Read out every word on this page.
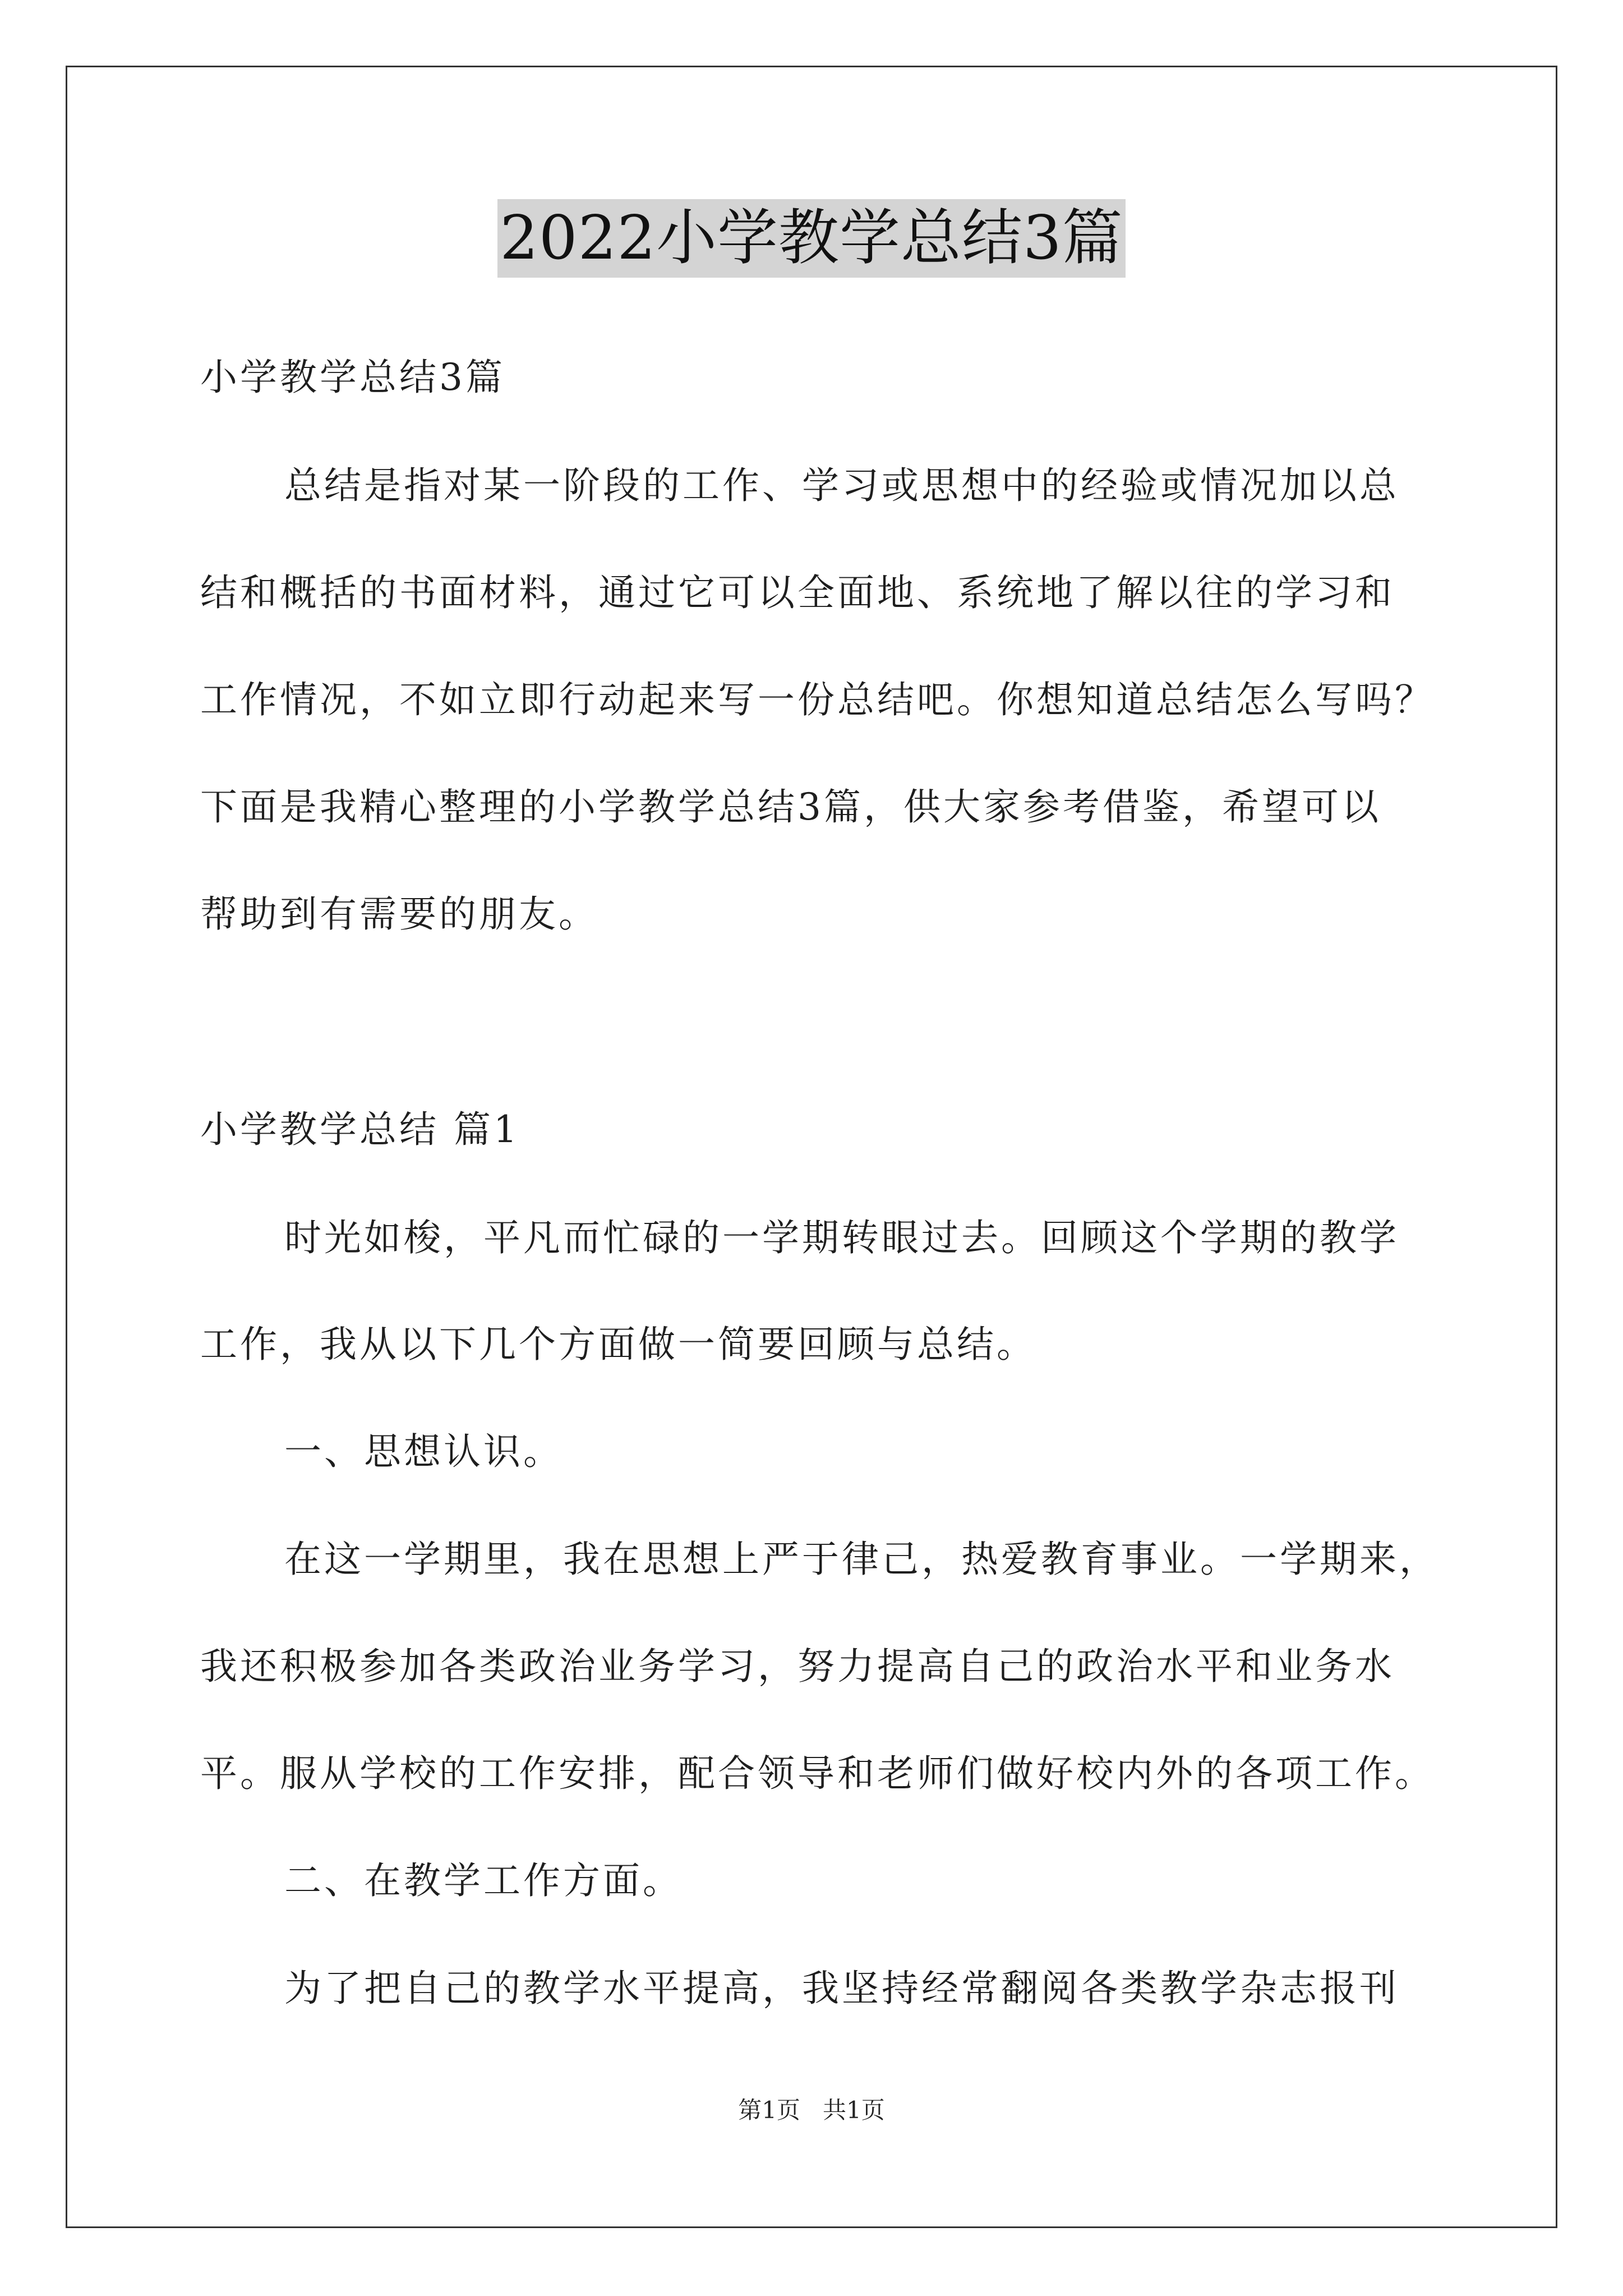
2022小学教学总结3篇
小学教学总结3篇
总结是指对某一阶段的工作、学习或思想中的经验或情况加以总
结和概括的书面材料，通过它可以全面地、系统地了解以往的学习和
工作情况，不如立即行动起来写一份总结吧。你想知道总结怎么写吗？
下面是我精心整理的小学教学总结3篇，供大家参考借鉴，希望可以
帮助到有需要的朋友。
小学教学总结 篇1
时光如梭，平凡而忙碌的一学期转眼过去。回顾这个学期的教学
工作，我从以下几个方面做一简要回顾与总结。
一、思想认识。
在这一学期里，我在思想上严于律己，热爱教育事业。一学期来，
我还积极参加各类政治业务学习，努力提高自己的政治水平和业务水
平。服从学校的工作安排，配合领导和老师们做好校内外的各项工作。
二、在教学工作方面。
为了把自己的教学水平提高，我坚持经常翻阅各类教学杂志报刊
第1页   共1页
